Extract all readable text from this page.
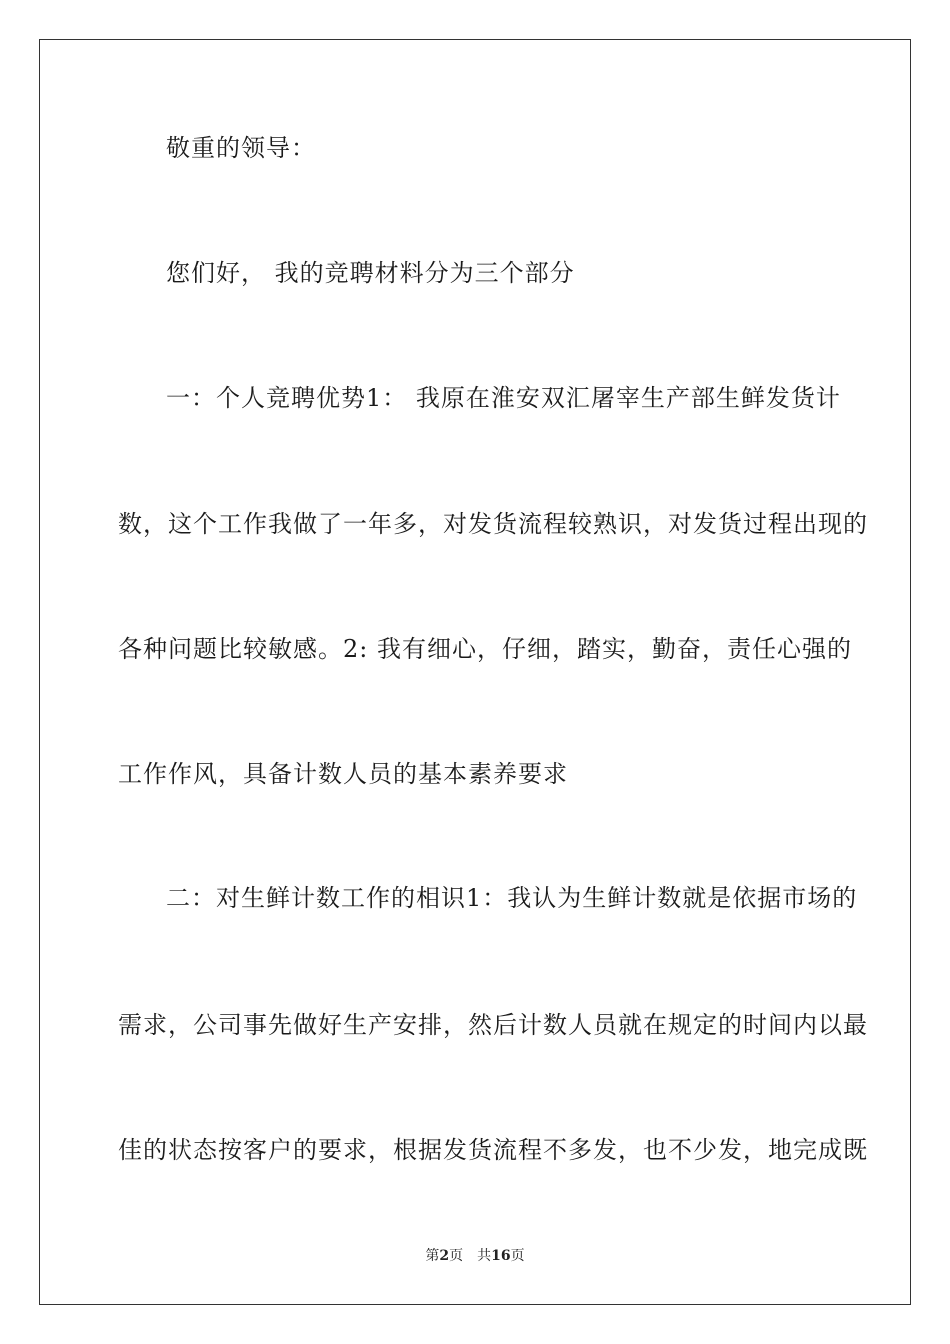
敬重的领导：
您们好， 我的竞聘材料分为三个部分
一：个人竞聘优势1： 我原在淮安双汇屠宰生产部生鲜发货计
数，这个工作我做了一年多，对发货流程较熟识，对发货过程出现的
各种问题比较敏感。2: 我有细心，仔细，踏实，勤奋，责任心强的
工作作风，具备计数人员的基本素养要求
二：对生鲜计数工作的相识1：我认为生鲜计数就是依据市场的
需求，公司事先做好生产安排，然后计数人员就在规定的时间内以最
佳的状态按客户的要求，根据发货流程不多发，也不少发，地完成既
第2页 共16页
